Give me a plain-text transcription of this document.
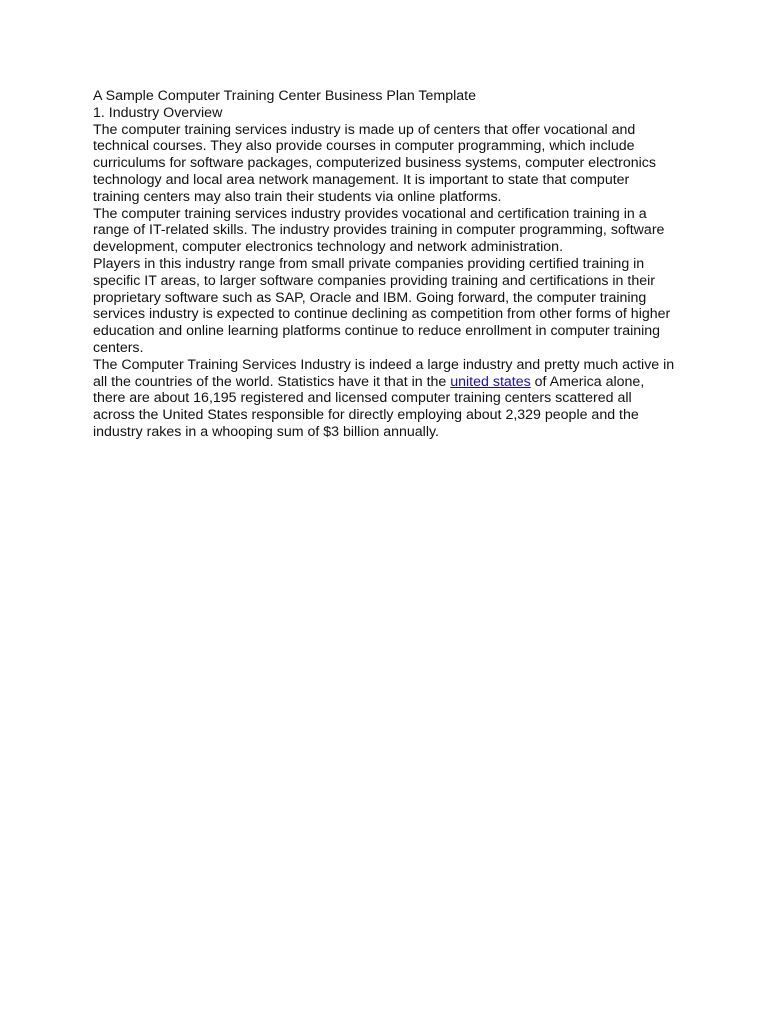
A Sample Computer Training Center Business Plan Template

1. Industry Overview

The computer training services industry is made up of centers that offer vocational and technical courses. They also provide courses in computer programming, which include curriculums for software packages, computerized business systems, computer electronics technology and local area network management. It is important to state that computer training centers may also train their students via online platforms.

The computer training services industry provides vocational and certification training in a range of IT-related skills. The industry provides training in computer programming, software development, computer electronics technology and network administration.

Players in this industry range from small private companies providing certified training in specific IT areas, to larger software companies providing training and certifications in their proprietary software such as SAP, Oracle and IBM. Going forward, the computer training services industry is expected to continue declining as competition from other forms of higher education and online learning platforms continue to reduce enrollment in computer training centers.

The Computer Training Services Industry is indeed a large industry and pretty much active in all the countries of the world. Statistics have it that in the united states of America alone, there are about 16,195 registered and licensed computer training centers scattered all across the United States responsible for directly employing about 2,329 people and the industry rakes in a whooping sum of $3 billion annually.
